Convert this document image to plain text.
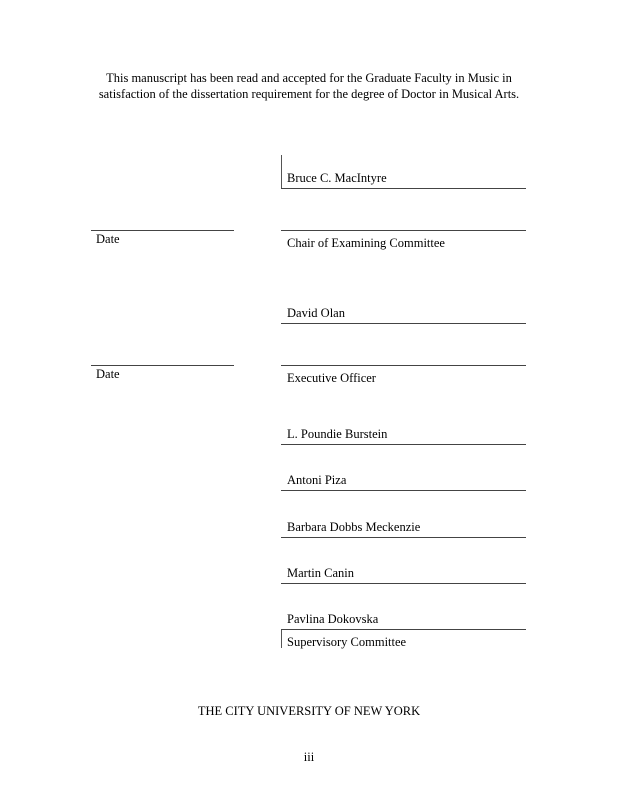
This manuscript has been read and accepted for the Graduate Faculty in Music in

satisfaction of the dissertation requirement for the degree of Doctor in Musical Arts.

Bruce C. MacIntyre
Date	Chair of Examining Committee
David Olan
Date	Executive Officer
L. Poundie Burstein
Antoni Piza
Barbara Dobbs Meckenzie
Martin Canin
Pavlina Dokovska
Supervisory Committee
THE CITY UNIVERSITY OF NEW YORK
iii
